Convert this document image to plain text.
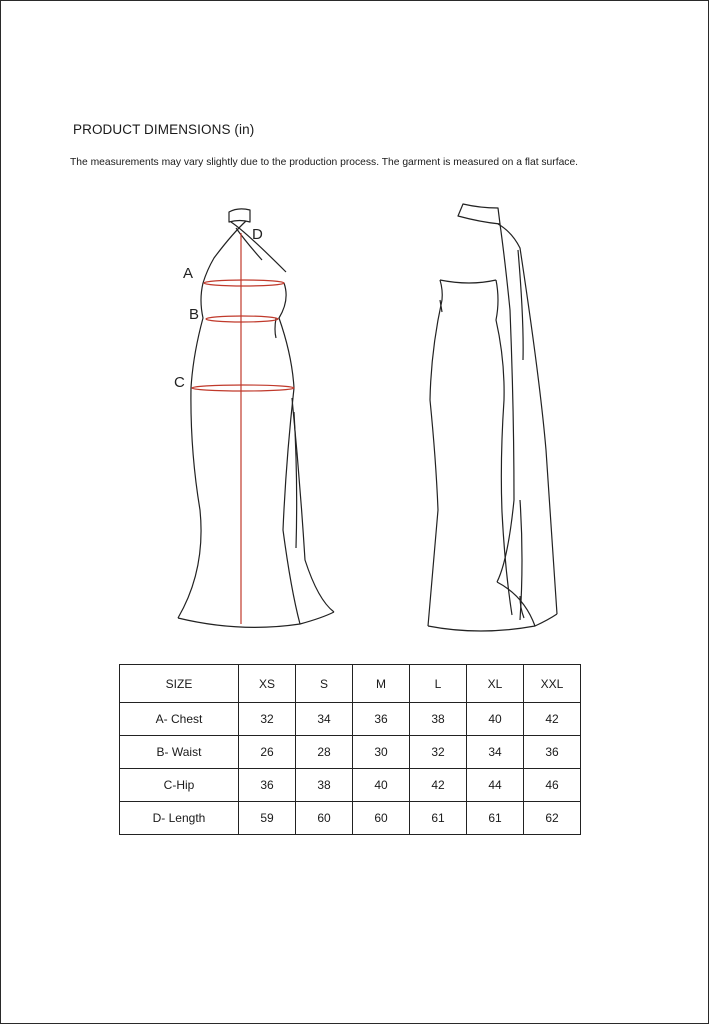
PRODUCT DIMENSIONS (in)
The measurements may vary slightly due to the production process. The garment is measured on a flat surface.
A
B
C
D
SIZE	XS	S	M	L	XL	XXL
A- Chest	32	34	36	38	40	42
B- Waist	26	28	30	32	34	36
C-Hip	36	38	40	42	44	46
D- Length	59	60	60	61	61	62
